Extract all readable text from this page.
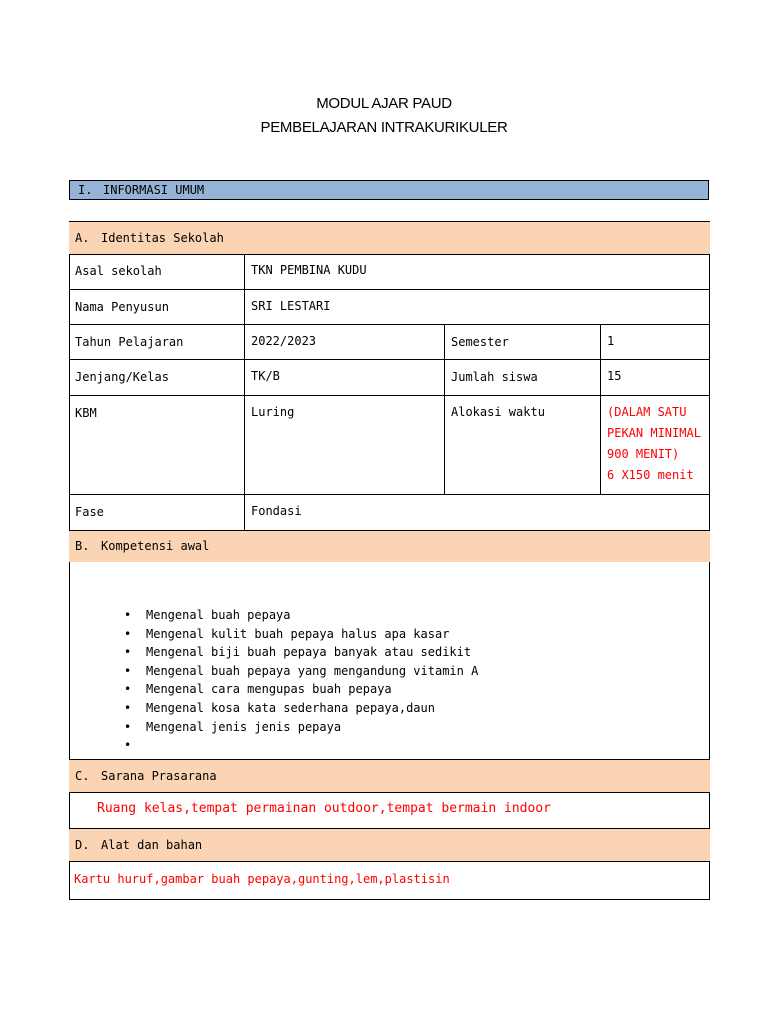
MODUL AJAR PAUD
PEMBELAJARAN INTRAKURIKULER
I. INFORMASI UMUM
A. Identitas Sekolah
Asal sekolah	TKN PEMBINA KUDU
Nama Penyusun	SRI LESTARI
Tahun Pelajaran	2022/2023	Semester	1
Jenjang/Kelas	TK/B	Jumlah siswa	15
KBM	Luring	Alokasi waktu	(DALAM SATU
PEKAN MINIMAL
900 MENIT)
6 X150 menit
Fase	Fondasi
B. Kompetensi awal
• Mengenal buah pepaya
• Mengenal kulit buah pepaya halus apa kasar
• Mengenal biji buah pepaya banyak atau sedikit
• Mengenal buah pepaya yang mengandung vitamin A
• Mengenal cara mengupas buah pepaya
• Mengenal kosa kata sederhana pepaya,daun
• Mengenal jenis jenis pepaya
•
C. Sarana Prasarana
Ruang kelas,tempat permainan outdoor,tempat bermain indoor
D. Alat dan bahan
Kartu huruf,gambar buah pepaya,gunting,lem,plastisin
